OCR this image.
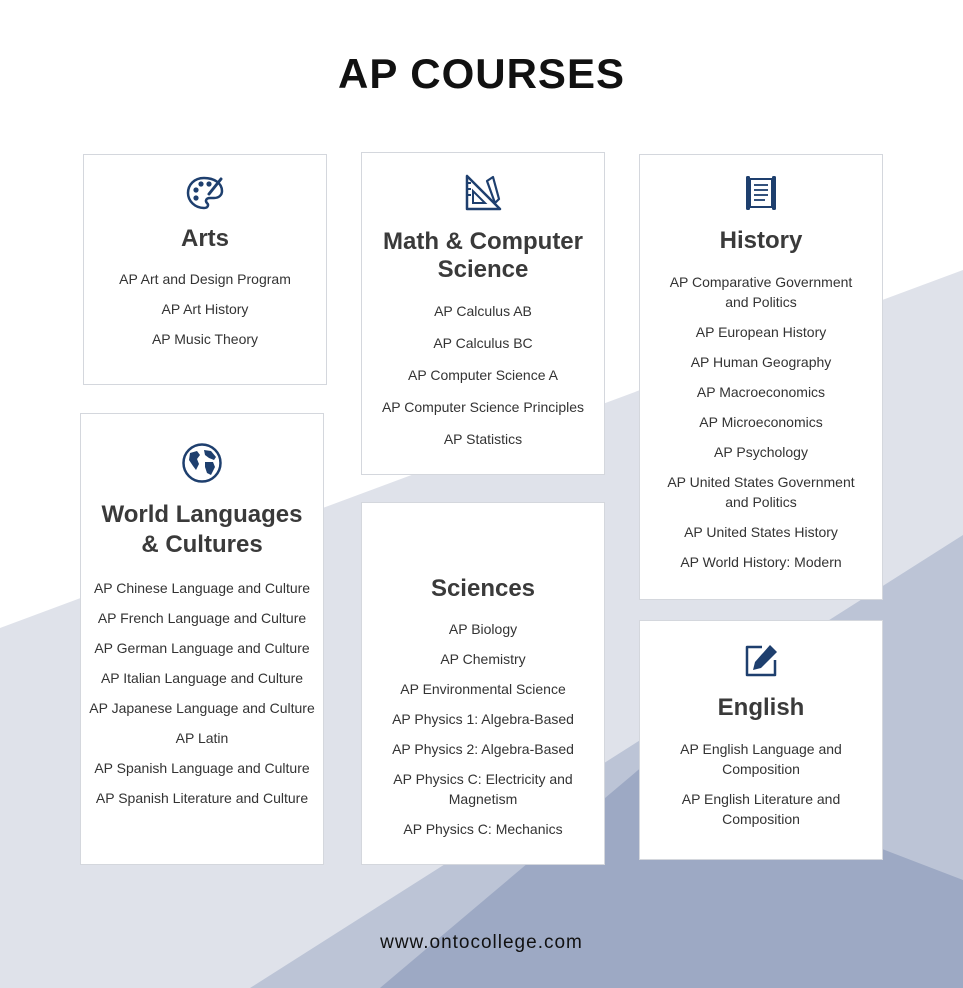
AP COURSES
Arts
AP Art and Design Program
AP Art History
AP Music Theory
Math & Computer Science
AP Calculus AB
AP Calculus BC
AP Computer Science A
AP Computer Science Principles
AP Statistics
History
AP Comparative Government and Politics
AP European History
AP Human Geography
AP Macroeconomics
AP Microeconomics
AP Psychology
AP United States Government and Politics
AP United States History
AP World History: Modern
World Languages & Cultures
AP Chinese Language and Culture
AP French Language and Culture
AP German Language and Culture
AP Italian Language and Culture
AP Japanese Language and Culture
AP Latin
AP Spanish Language and Culture
AP Spanish Literature and Culture
Sciences
AP Biology
AP Chemistry
AP Environmental Science
AP Physics 1: Algebra-Based
AP Physics 2: Algebra-Based
AP Physics C: Electricity and Magnetism
AP Physics C: Mechanics
English
AP English Language and Composition
AP English Literature and Composition
www.ontocollege.com
